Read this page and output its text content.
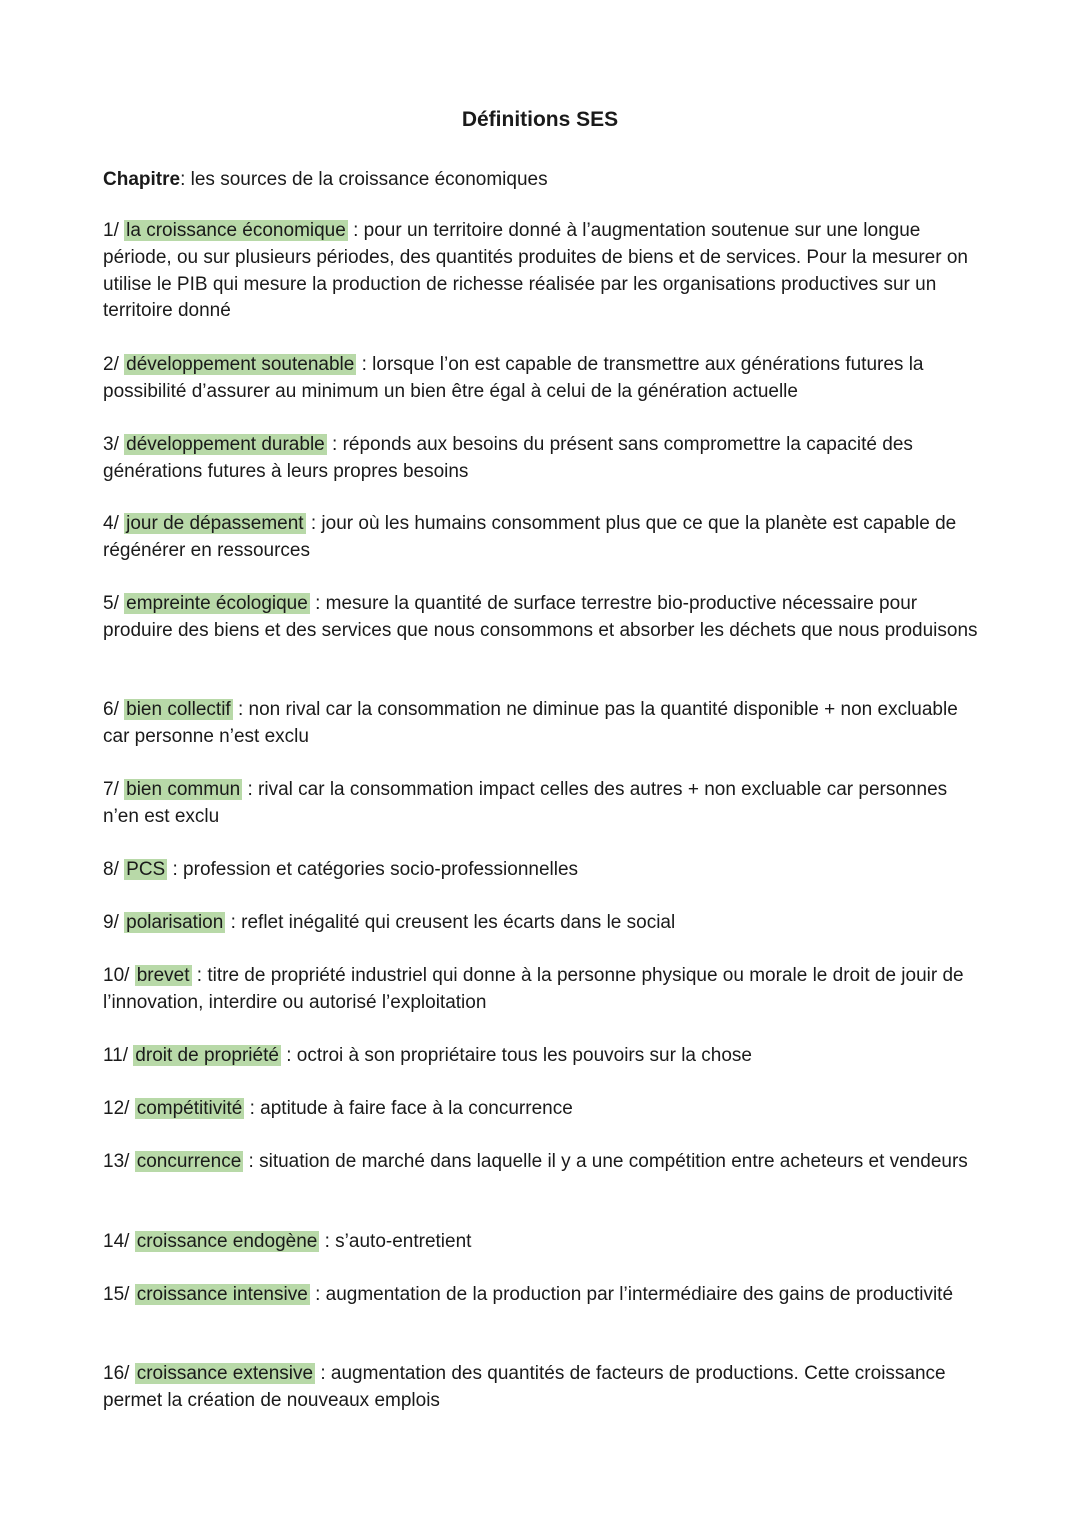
Définitions SES
Chapitre: les sources de la croissance économiques
1/ la croissance économique : pour un territoire donné à l’augmentation soutenue sur une longue période, ou sur plusieurs périodes, des quantités produites de biens et de services. Pour la mesurer on utilise le PIB qui mesure la production de richesse réalisée par les organisations productives sur un territoire donné
2/ développement soutenable : lorsque l’on est capable de transmettre aux générations futures la possibilité d’assurer au minimum un bien être égal à celui de la génération actuelle
3/ développement durable : réponds aux besoins du présent sans compromettre la capacité des générations futures à leurs propres besoins
4/ jour de dépassement : jour où les humains consomment plus que ce que la planète est capable de régénérer en ressources
5/ empreinte écologique : mesure la quantité de surface terrestre bio-productive nécessaire pour produire des biens et des services que nous consommons et absorber les déchets que nous produisons
6/ bien collectif : non rival car la consommation ne diminue pas la quantité disponible + non excluable car personne n’est exclu
7/ bien commun : rival car la consommation impact celles des autres + non excluable car personnes n’en est exclu
8/ PCS : profession et catégories socio-professionnelles
9/ polarisation : reflet inégalité qui creusent les écarts dans le social
10/ brevet : titre de propriété industriel qui donne à la personne physique ou morale le droit de jouir de l’innovation, interdire ou autorisé l’exploitation
11/ droit de propriété : octroi à son propriétaire tous les pouvoirs sur la chose
12/ compétitivité : aptitude à faire face à la concurrence
13/ concurrence : situation de marché dans laquelle il y a une compétition entre acheteurs et vendeurs
14/ croissance endogène : s’auto-entretient
15/ croissance intensive : augmentation de la production par l’intermédiaire des gains de productivité
16/ croissance extensive : augmentation des quantités de facteurs de productions. Cette croissance permet la création de nouveaux emplois
